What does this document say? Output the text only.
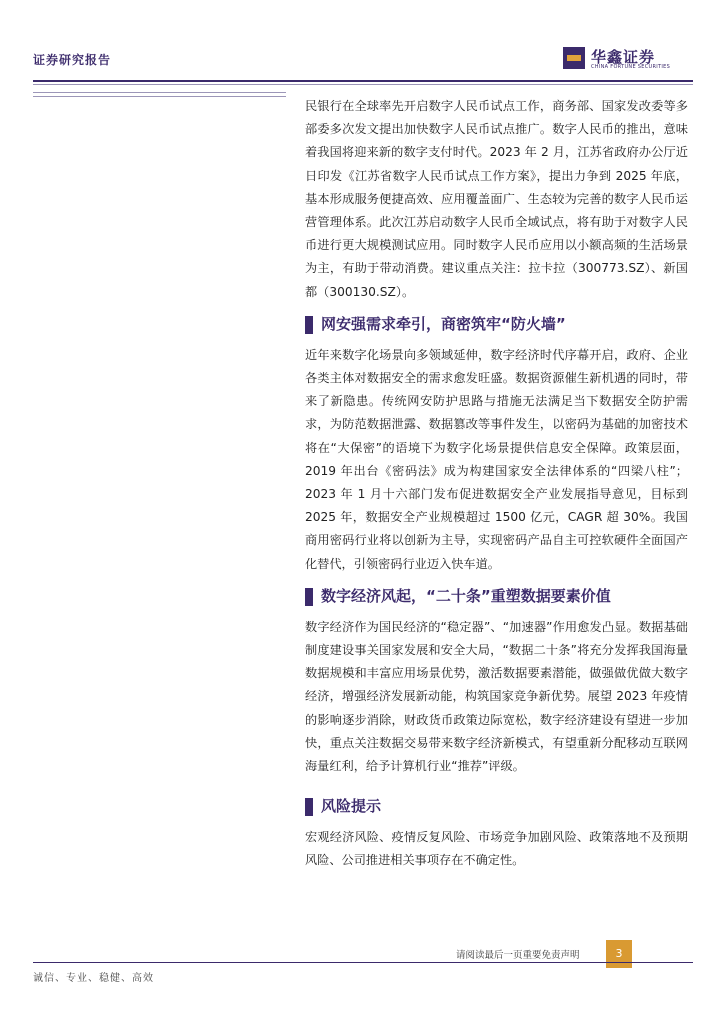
证券研究报告	华鑫证券
CHINA FORTUNE SECURITIES

民银行在全球率先开启数字人民币试点工作，商务部、国家发改委等多部委多次发文提出加快数字人民币试点推广。数字人民币的推出，意味着我国将迎来新的数字支付时代。2023 年 2 月，江苏省政府办公厅近日印发《江苏省数字人民币试点工作方案》，提出力争到 2025 年底，基本形成服务便捷高效、应用覆盖面广、生态较为完善的数字人民币运营管理体系。此次江苏启动数字人民币全域试点，将有助于对数字人民币进行更大规模测试应用。同时数字人民币应用以小额高频的生活场景为主，有助于带动消费。建议重点关注：拉卡拉（300773.SZ）、新国都（300130.SZ）。

网安强需求牵引，商密筑牢“防火墙”

近年来数字化场景向多领域延伸，数字经济时代序幕开启，政府、企业各类主体对数据安全的需求愈发旺盛。数据资源催生新机遇的同时，带来了新隐患。传统网安防护思路与措施无法满足当下数据安全防护需求，为防范数据泄露、数据篡改等事件发生，以密码为基础的加密技术将在“大保密”的语境下为数字化场景提供信息安全保障。政策层面，2019 年出台《密码法》成为构建国家安全法律体系的“四梁八柱”；2023 年 1 月十六部门发布促进数据安全产业发展指导意见，目标到 2025 年，数据安全产业规模超过 1500 亿元，CAGR 超 30%。我国商用密码行业将以创新为主导，实现密码产品自主可控软硬件全面国产化替代，引领密码行业迈入快车道。

数字经济风起，“二十条”重塑数据要素价值

数字经济作为国民经济的“稳定器”、“加速器”作用愈发凸显。数据基础制度建设事关国家发展和安全大局，“数据二十条”将充分发挥我国海量数据规模和丰富应用场景优势，激活数据要素潜能，做强做优做大数字经济，增强经济发展新动能，构筑国家竞争新优势。展望 2023 年疫情的影响逐步消除，财政货币政策边际宽松，数字经济建设有望进一步加快，重点关注数据交易带来数字经济新模式，有望重新分配移动互联网海量红利，给予计算机行业“推荐”评级。

风险提示

宏观经济风险、疫情反复风险、市场竞争加剧风险、政策落地不及预期风险、公司推进相关事项存在不确定性。

请阅读最后一页重要免责声明	3
诚信、专业、稳健、高效
